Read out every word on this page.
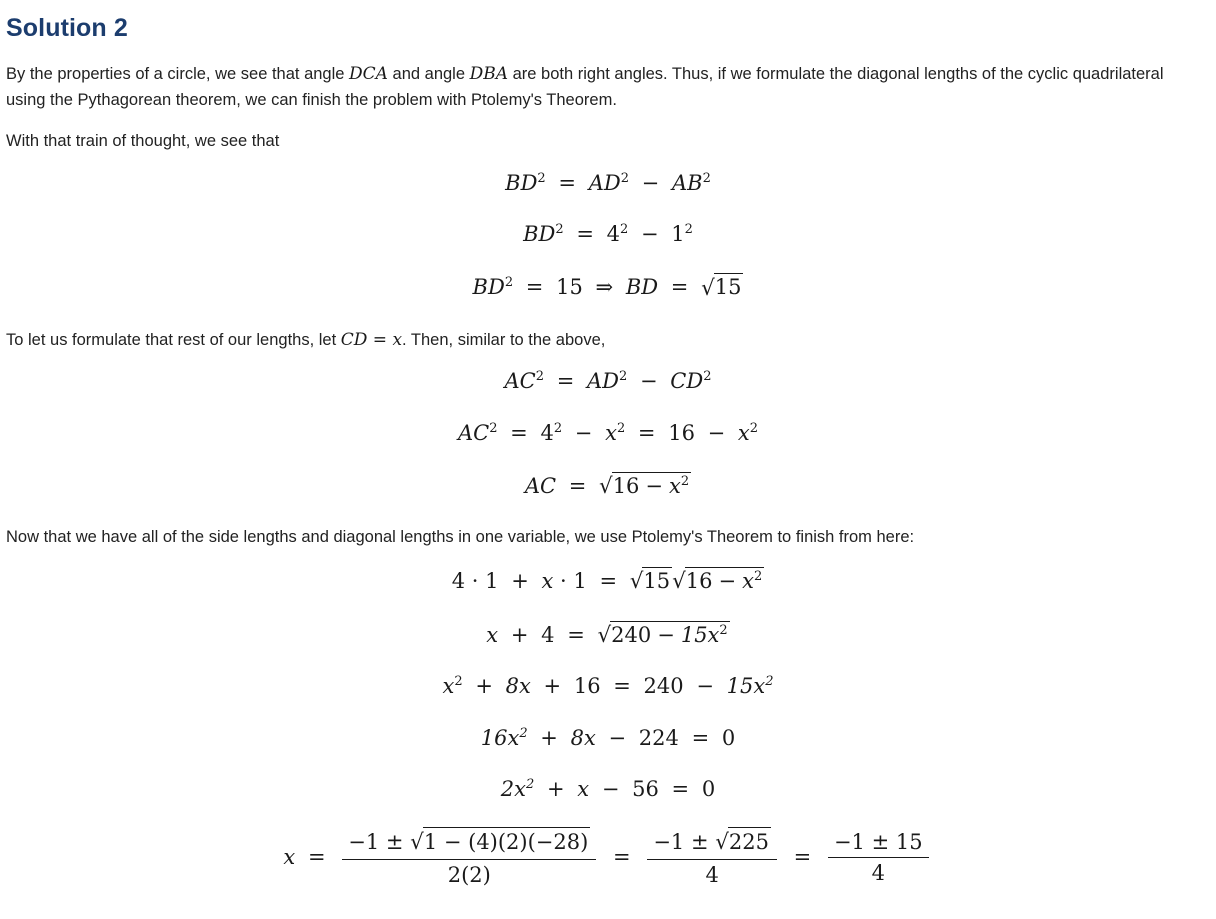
Solution 2

By the properties of a circle, we see that angle DCA and angle DBA are both right angles. Thus, if we formulate the diagonal lengths of the cyclic quadrilateral using the Pythagorean theorem, we can finish the problem with Ptolemy's Theorem.

With that train of thought, we see that

$BD^2 = AD^2 - AB^2$
$BD^2 = 4^2 - 1^2$
$BD^2 = 15$ ⇒ BD = √15

To let us formulate that rest of our lengths, let CD = x. Then, similar to the above,

$AC^2 = AD^2 - CD^2$
$AC^2 = 4^2 - x^2 = 16 - x^2$
AC = $√16 - x^2$

Now that we have all of the side lengths and diagonal lengths in one variable, we use Ptolemy's Theorem to finish from here:

$4 \cdot 1 + x \cdot 1 = √15√16 - x^2$
$x + 4 = √240 - 15x^2$
$x^2 + 8x + 16 = 240 - 15x^2$
$16x^2 + 8x - 224 = 0$
$2x^2 + x - 56 = 0$
$x = \frac{-1 \pm √1 - (4)(2)(-28)}{2(2)} = \frac{-1 \pm √225}{4} = \frac{-1 \pm 15}{4}$
